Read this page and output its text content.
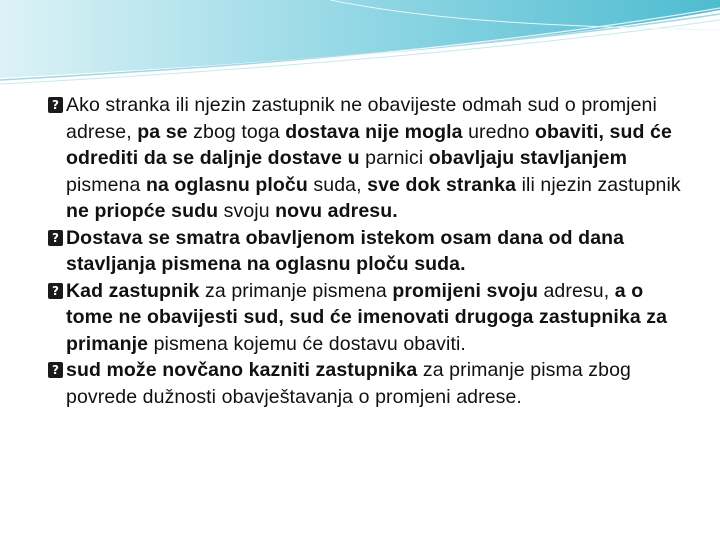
?
Ako stranka ili njezin zastupnik ne obavijeste odmah sud o promjeni adrese, pa se zbog toga dostava nije mogla uredno obaviti, sud će odrediti da se daljnje dostave u parnici obavljaju stavljanjem pismena na oglasnu ploču suda, sve dok stranka ili njezin zastupnik ne priopće sudu svoju novu adresu.
?
Dostava se smatra obavljenom istekom osam dana od dana stavljanja pismena na oglasnu ploču suda.
?
Kad zastupnik za primanje pismena promijeni svoju adresu, a o tome ne obavijesti sud, sud će imenovati drugoga zastupnika za primanje pismena kojemu će dostavu obaviti.
?
sud može novčano kazniti zastupnika za primanje pisma zbog povrede dužnosti obavještavanja o promjeni adrese.
